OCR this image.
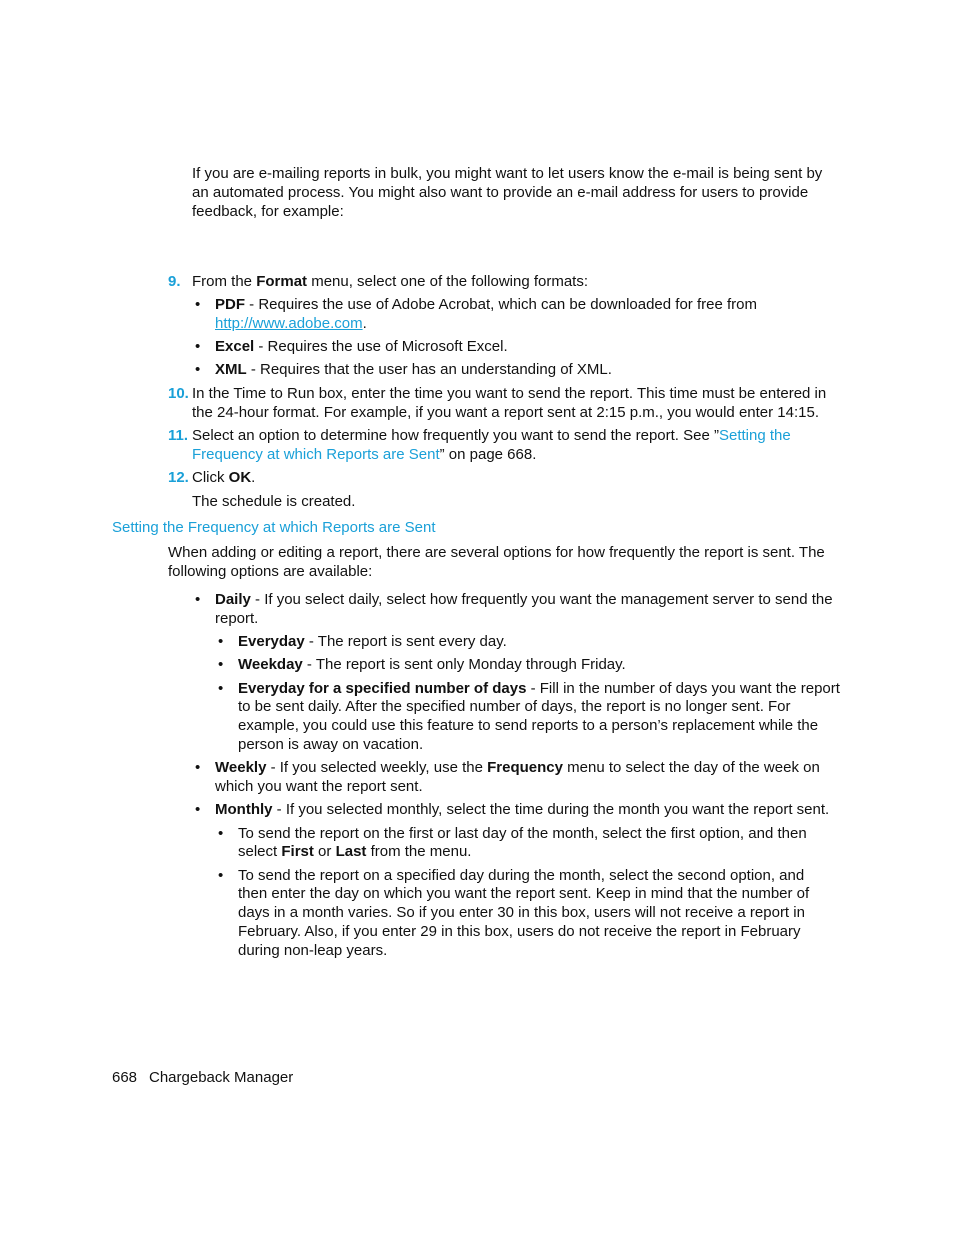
If you are e-mailing reports in bulk, you might want to let users know the e-mail is being sent by
an automated process. You might also want to provide an e-mail address for users to provide
feedback, for example:
9. From the Format menu, select one of the following formats:
• PDF - Requires the use of Adobe Acrobat, which can be downloaded for free from
http://www.adobe.com.
• Excel - Requires the use of Microsoft Excel.
• XML - Requires that the user has an understanding of XML.
10. In the Time to Run box, enter the time you want to send the report. This time must be entered in
the 24-hour format. For example, if you want a report sent at 2:15 p.m., you would enter 14:15.
11. Select an option to determine how frequently you want to send the report. See ”Setting the
Frequency at which Reports are Sent” on page 668.
12. Click OK.
The schedule is created.
Setting the Frequency at which Reports are Sent
When adding or editing a report, there are several options for how frequently the report is sent. The
following options are available:
• Daily - If you select daily, select how frequently you want the management server to send the
report.
• Everyday - The report is sent every day.
• Weekday - The report is sent only Monday through Friday.
• Everyday for a specified number of days - Fill in the number of days you want the report
to be sent daily. After the specified number of days, the report is no longer sent. For
example, you could use this feature to send reports to a person’s replacement while the
person is away on vacation.
• Weekly - If you selected weekly, use the Frequency menu to select the day of the week on
which you want the report sent.
• Monthly - If you selected monthly, select the time during the month you want the report sent.
• To send the report on the first or last day of the month, select the first option, and then
select First or Last from the menu.
• To send the report on a specified day during the month, select the second option, and
then enter the day on which you want the report sent. Keep in mind that the number of
days in a month varies. So if you enter 30 in this box, users will not receive a report in
February. Also, if you enter 29 in this box, users do not receive the report in February
during non-leap years.
668 Chargeback Manager
